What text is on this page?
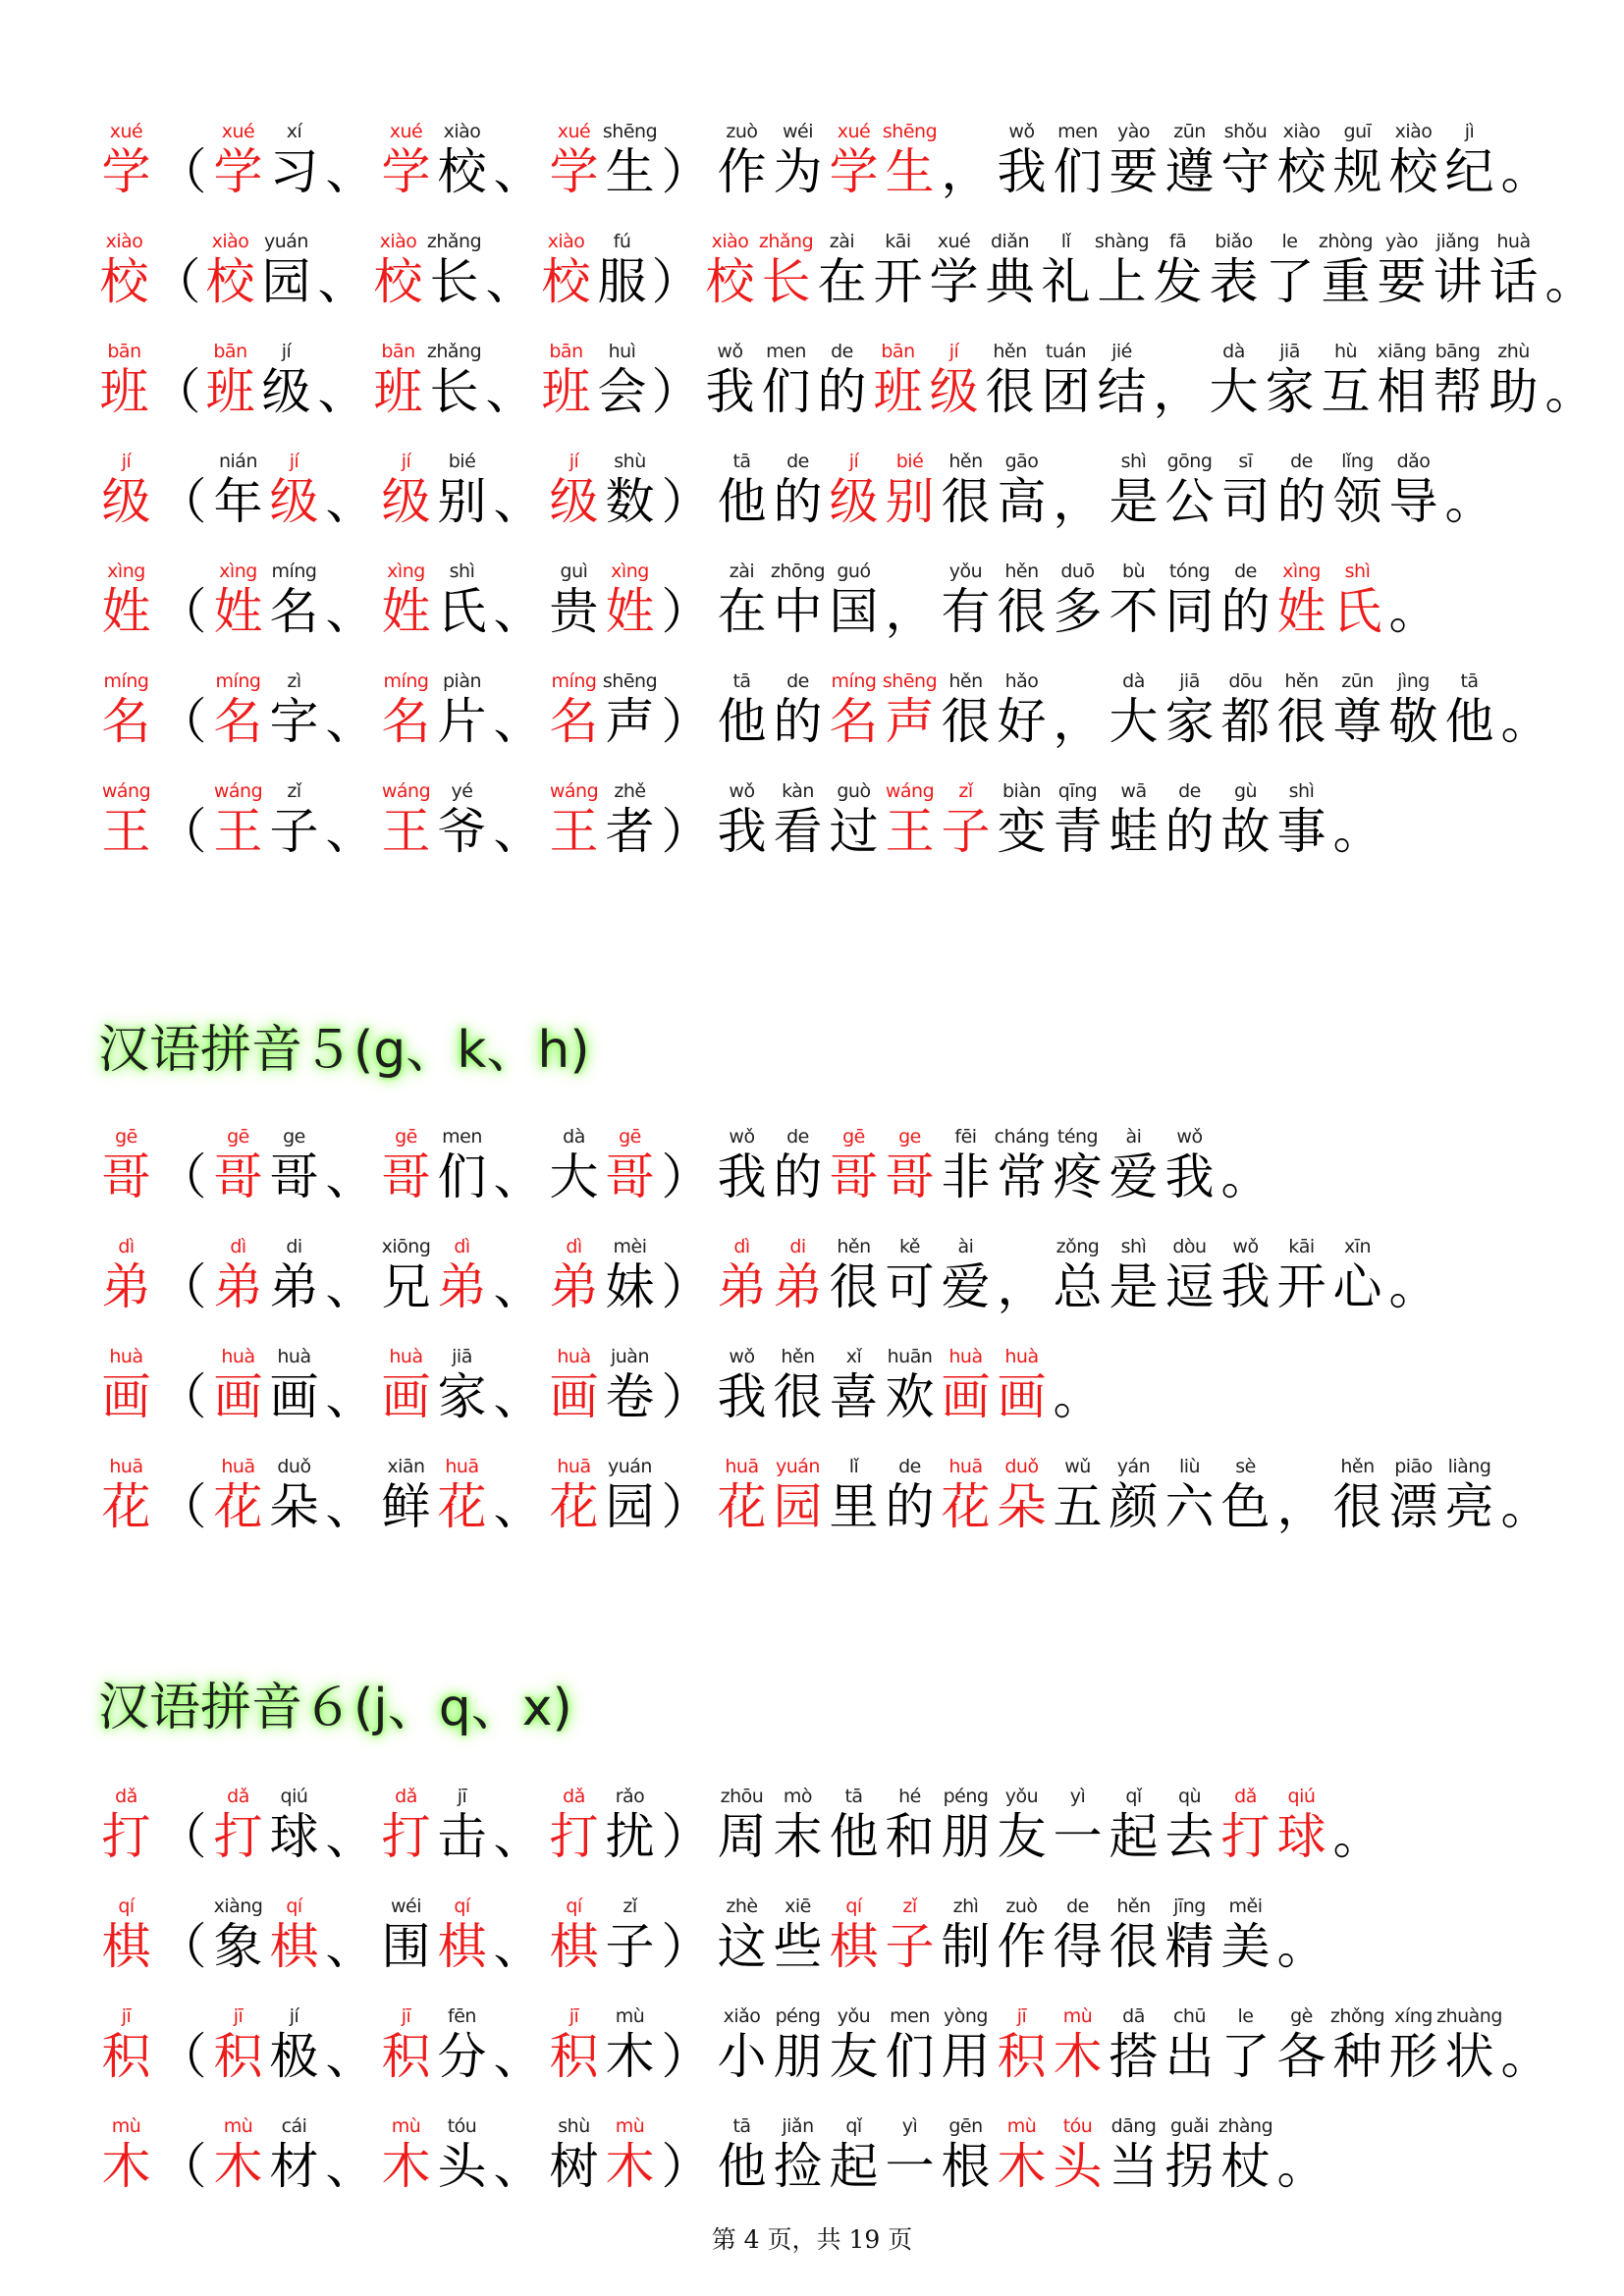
学
xué
（ 学
xué
习
xí
、 学
xué
校
xiào
、 学
xué
生
shēng
） 作
zuò
为
wéi
学
xué
生
shēng
， 我
wǒ
们
men
要
yào
遵
zūn
守
shǒu
校
xiào
规
guī
校
xiào
纪
jì
。
校
xiào
（ 校
xiào
园
yuán
、 校
xiào
长
zhǎng
、 校
xiào
服
fú
） 校
xiào
长
zhǎng
在
zài
开
kāi
学
xué
典
diǎn
礼
lǐ
上
shàng
发
fā
表
biǎo
了
le
重
zhòng
要
yào
讲
jiǎng
话
huà
。
班
bān
（ 班
bān
级
jí
、 班
bān
长
zhǎng
、 班
bān
会
huì
） 我
wǒ
们
men
的
de
班
bān
级
jí
很
hěn
团
tuán
结
jié
， 大
dà
家
jiā
互
hù
相
xiāng
帮
bāng
助
zhù
。
级
jí
（ 年
nián
级
jí
、 级
jí
别
bié
、 级
jí
数
shù
） 他
tā
的
de
级
jí
别
bié
很
hěn
高
gāo
， 是
shì
公
gōng
司
sī
的
de
领
lǐng
导
dǎo
。
姓
xìng
（ 姓
xìng
名
míng
、 姓
xìng
氏
shì
、 贵
guì
姓
xìng
） 在
zài
中
zhōng
国
guó
， 有
yǒu
很
hěn
多
duō
不
bù
同
tóng
的
de
姓
xìng
氏
shì
。
名
míng
（ 名
míng
字
zì
、 名
míng
片
piàn
、 名
míng
声
shēng
） 他
tā
的
de
名
míng
声
shēng
很
hěn
好
hǎo
， 大
dà
家
jiā
都
dōu
很
hěn
尊
zūn
敬
jìng
他
tā
。
王
wáng
（ 王
wáng
子
zǐ
、 王
wáng
爷
yé
、 王
wáng
者
zhě
） 我
wǒ
看
kàn
过
guò
王
wáng
子
zǐ
变
biàn
青
qīng
蛙
wā
的
de
故
gù
事
shì
。
汉语拼音５(g、k、h)
哥
gē
（ 哥
gē
哥
ge
、 哥
gē
们
men
、 大
dà
哥
gē
） 我
wǒ
的
de
哥
gē
哥
ge
非
fēi
常
cháng
疼
téng
爱
ài
我
wǒ
。
弟
dì
（ 弟
dì
弟
di
、 兄
xiōng
弟
dì
、 弟
dì
妹
mèi
） 弟
dì
弟
di
很
hěn
可
kě
爱
ài
， 总
zǒng
是
shì
逗
dòu
我
wǒ
开
kāi
心
xīn
。
画
huà
（ 画
huà
画
huà
、 画
huà
家
jiā
、 画
huà
卷
juàn
） 我
wǒ
很
hěn
喜
xǐ
欢
huān
画
huà
画
huà
。
花
huā
（ 花
huā
朵
duǒ
、 鲜
xiān
花
huā
、 花
huā
园
yuán
） 花
huā
园
yuán
里
lǐ
的
de
花
huā
朵
duǒ
五
wǔ
颜
yán
六
liù
色
sè
， 很
hěn
漂
piāo
亮
liàng
。
汉语拼音６(j、q、x)
打
dǎ
（ 打
dǎ
球
qiú
、 打
dǎ
击
jī
、 打
dǎ
扰
rǎo
） 周
zhōu
末
mò
他
tā
和
hé
朋
péng
友
yǒu
一
yì
起
qǐ
去
qù
打
dǎ
球
qiú
。
棋
qí
（ 象
xiàng
棋
qí
、 围
wéi
棋
qí
、 棋
qí
子
zǐ
） 这
zhè
些
xiē
棋
qí
子
zǐ
制
zhì
作
zuò
得
de
很
hěn
精
jīng
美
měi
。
积
jī
（ 积
jī
极
jí
、 积
jī
分
fēn
、 积
jī
木
mù
） 小
xiǎo
朋
péng
友
yǒu
们
men
用
yòng
积
jī
木
mù
搭
dā
出
chū
了
le
各
gè
种
zhǒng
形
xíng
状
zhuàng
。
木
mù
（ 木
mù
材
cái
、 木
mù
头
tóu
、 树
shù
木
mù
） 他
tā
捡
jiǎn
起
qǐ
一
yì
根
gēn
木
mù
头
tóu
当
dāng
拐
guǎi
杖
zhàng
。
第 4 页，共 19 页
